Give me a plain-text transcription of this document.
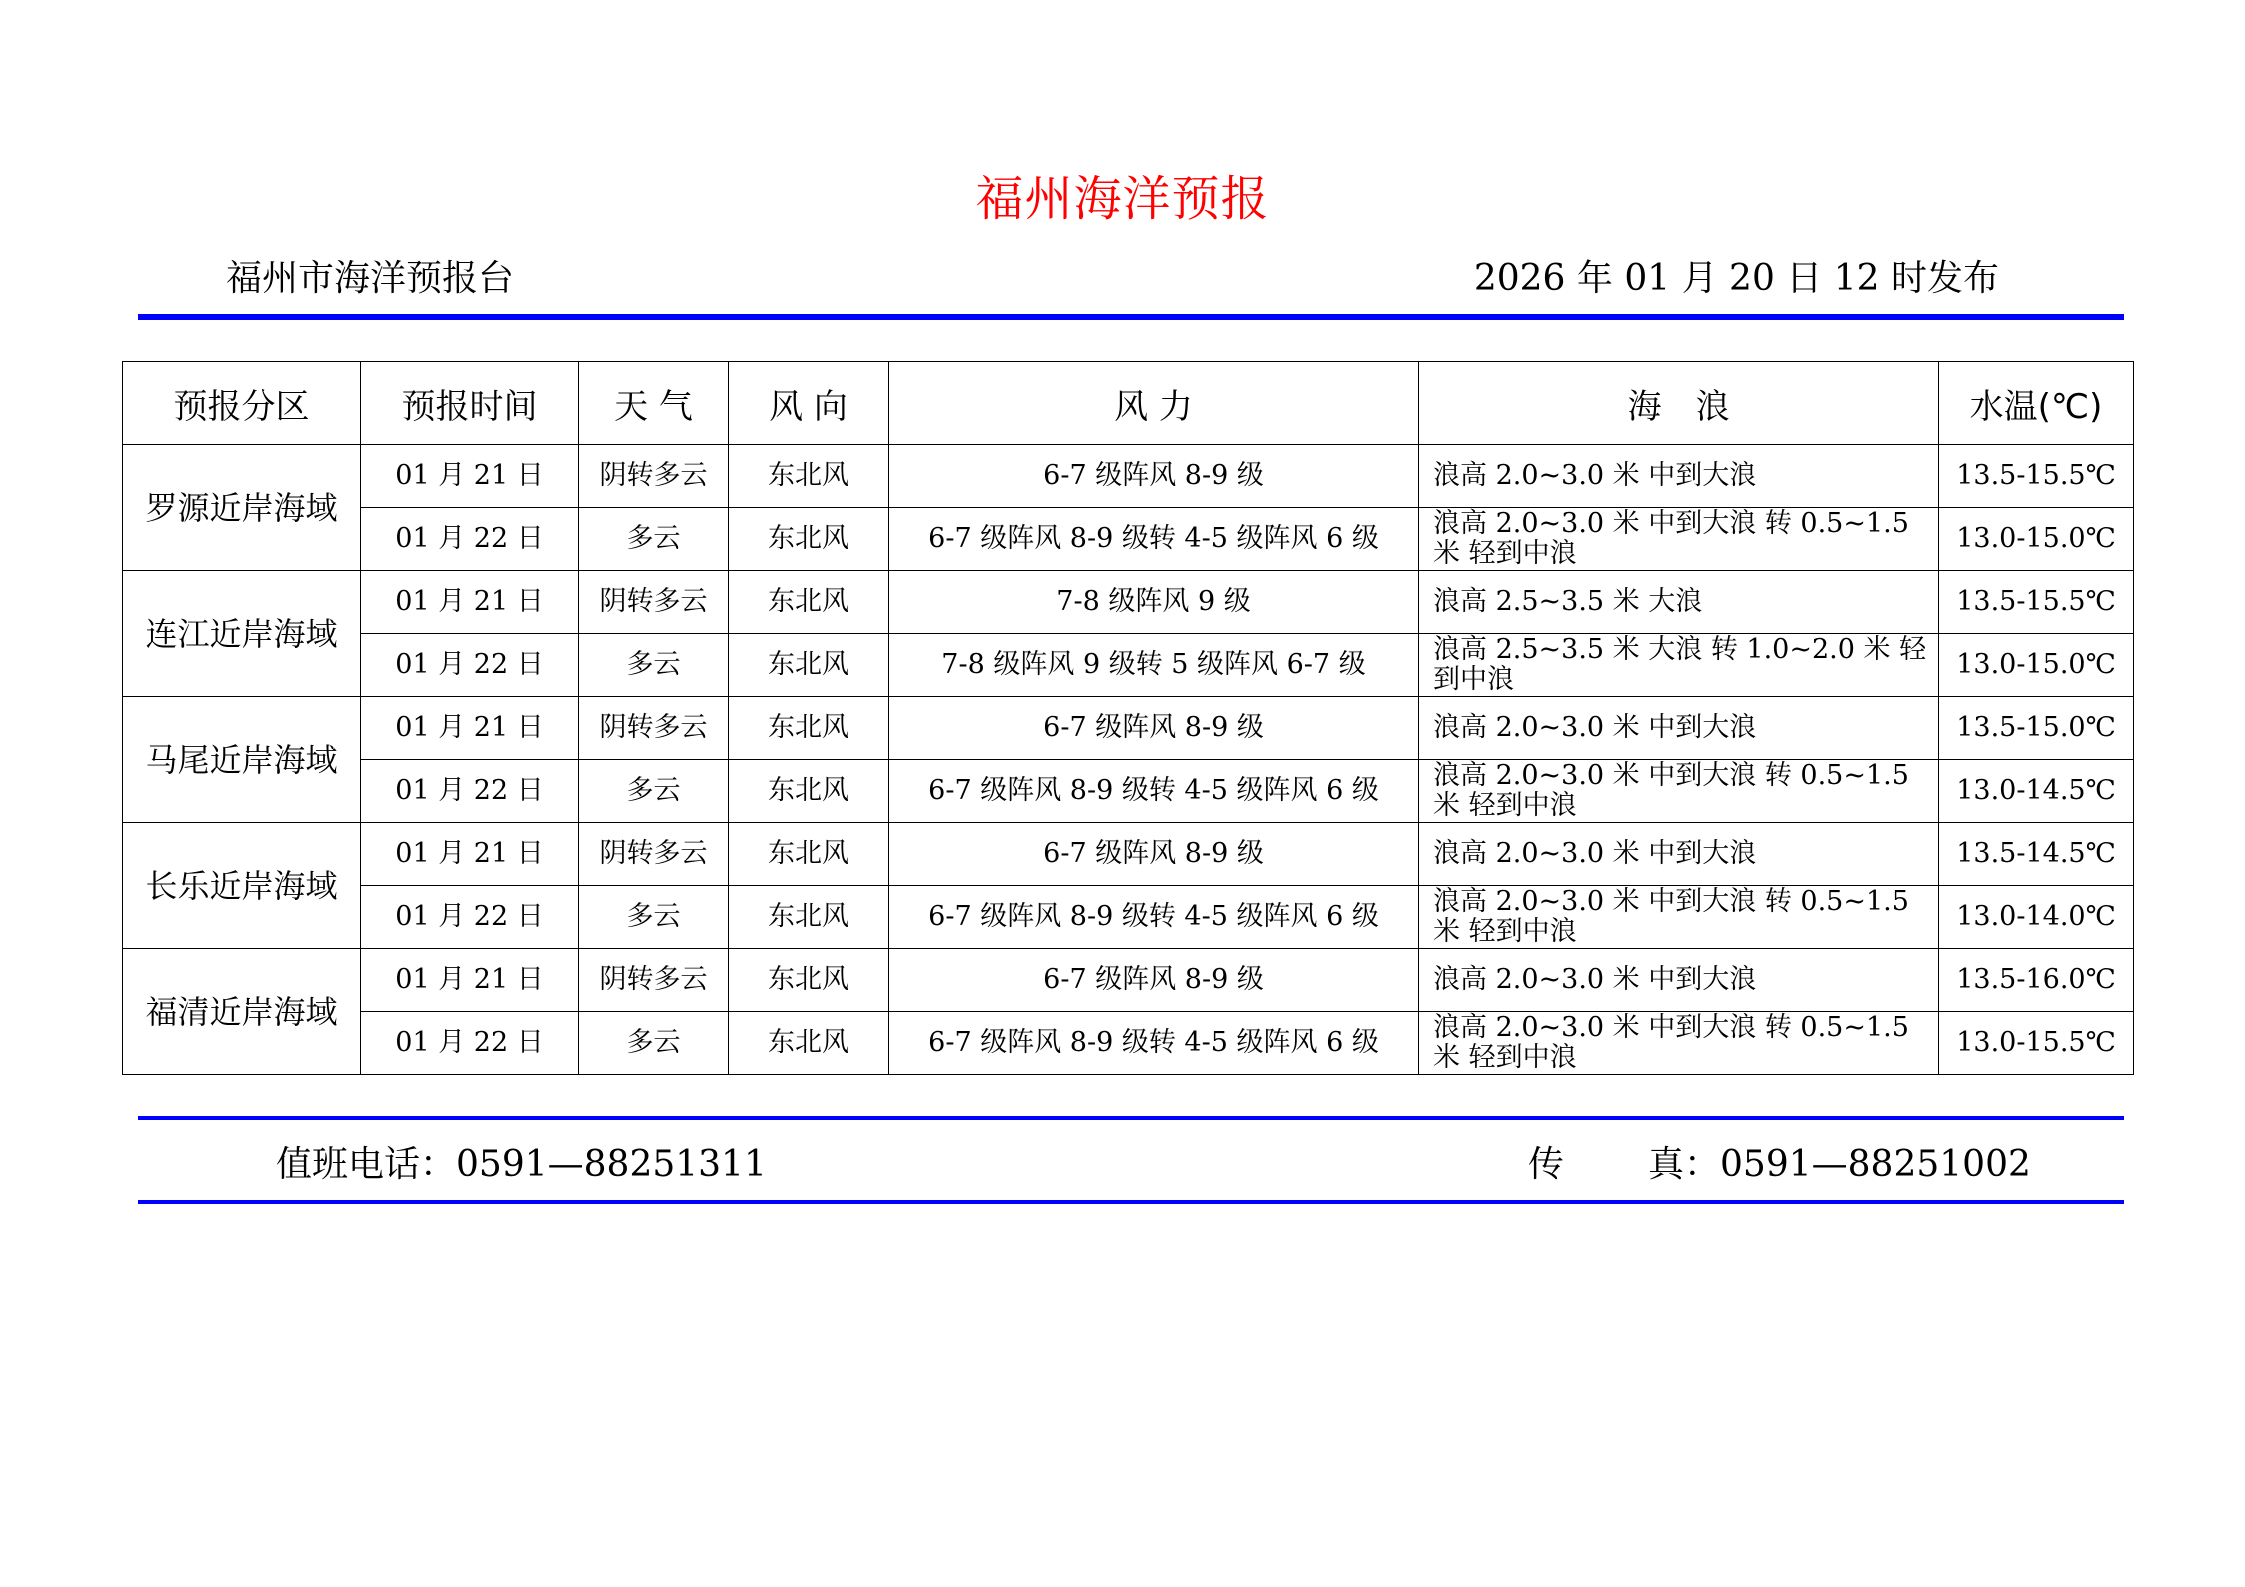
福州海洋预报
福州市海洋预报台	2026 年 01 月 20 日 12 时发布
预报分区	预报时间	天 气	风 向	风 力	海　浪	水温(℃)
罗源近岸海域	01 月 21 日	阴转多云	东北风	6-7 级阵风 8-9 级	浪高 2.0~3.0 米 中到大浪	13.5-15.5℃
	01 月 22 日	多云	东北风	6-7 级阵风 8-9 级转 4-5 级阵风 6 级	浪高 2.0~3.0 米 中到大浪 转 0.5~1.5 米 轻到中浪	13.0-15.0℃
连江近岸海域	01 月 21 日	阴转多云	东北风	7-8 级阵风 9 级	浪高 2.5~3.5 米 大浪	13.5-15.5℃
	01 月 22 日	多云	东北风	7-8 级阵风 9 级转 5 级阵风 6-7 级	浪高 2.5~3.5 米 大浪 转 1.0~2.0 米 轻到中浪	13.0-15.0℃
马尾近岸海域	01 月 21 日	阴转多云	东北风	6-7 级阵风 8-9 级	浪高 2.0~3.0 米 中到大浪	13.5-15.0℃
	01 月 22 日	多云	东北风	6-7 级阵风 8-9 级转 4-5 级阵风 6 级	浪高 2.0~3.0 米 中到大浪 转 0.5~1.5 米 轻到中浪	13.0-14.5℃
长乐近岸海域	01 月 21 日	阴转多云	东北风	6-7 级阵风 8-9 级	浪高 2.0~3.0 米 中到大浪	13.5-14.5℃
	01 月 22 日	多云	东北风	6-7 级阵风 8-9 级转 4-5 级阵风 6 级	浪高 2.0~3.0 米 中到大浪 转 0.5~1.5 米 轻到中浪	13.0-14.0℃
福清近岸海域	01 月 21 日	阴转多云	东北风	6-7 级阵风 8-9 级	浪高 2.0~3.0 米 中到大浪	13.5-16.0℃
	01 月 22 日	多云	东北风	6-7 级阵风 8-9 级转 4-5 级阵风 6 级	浪高 2.0~3.0 米 中到大浪 转 0.5~1.5 米 轻到中浪	13.0-15.5℃
值班电话：0591—88251311	传 真：0591—88251002
